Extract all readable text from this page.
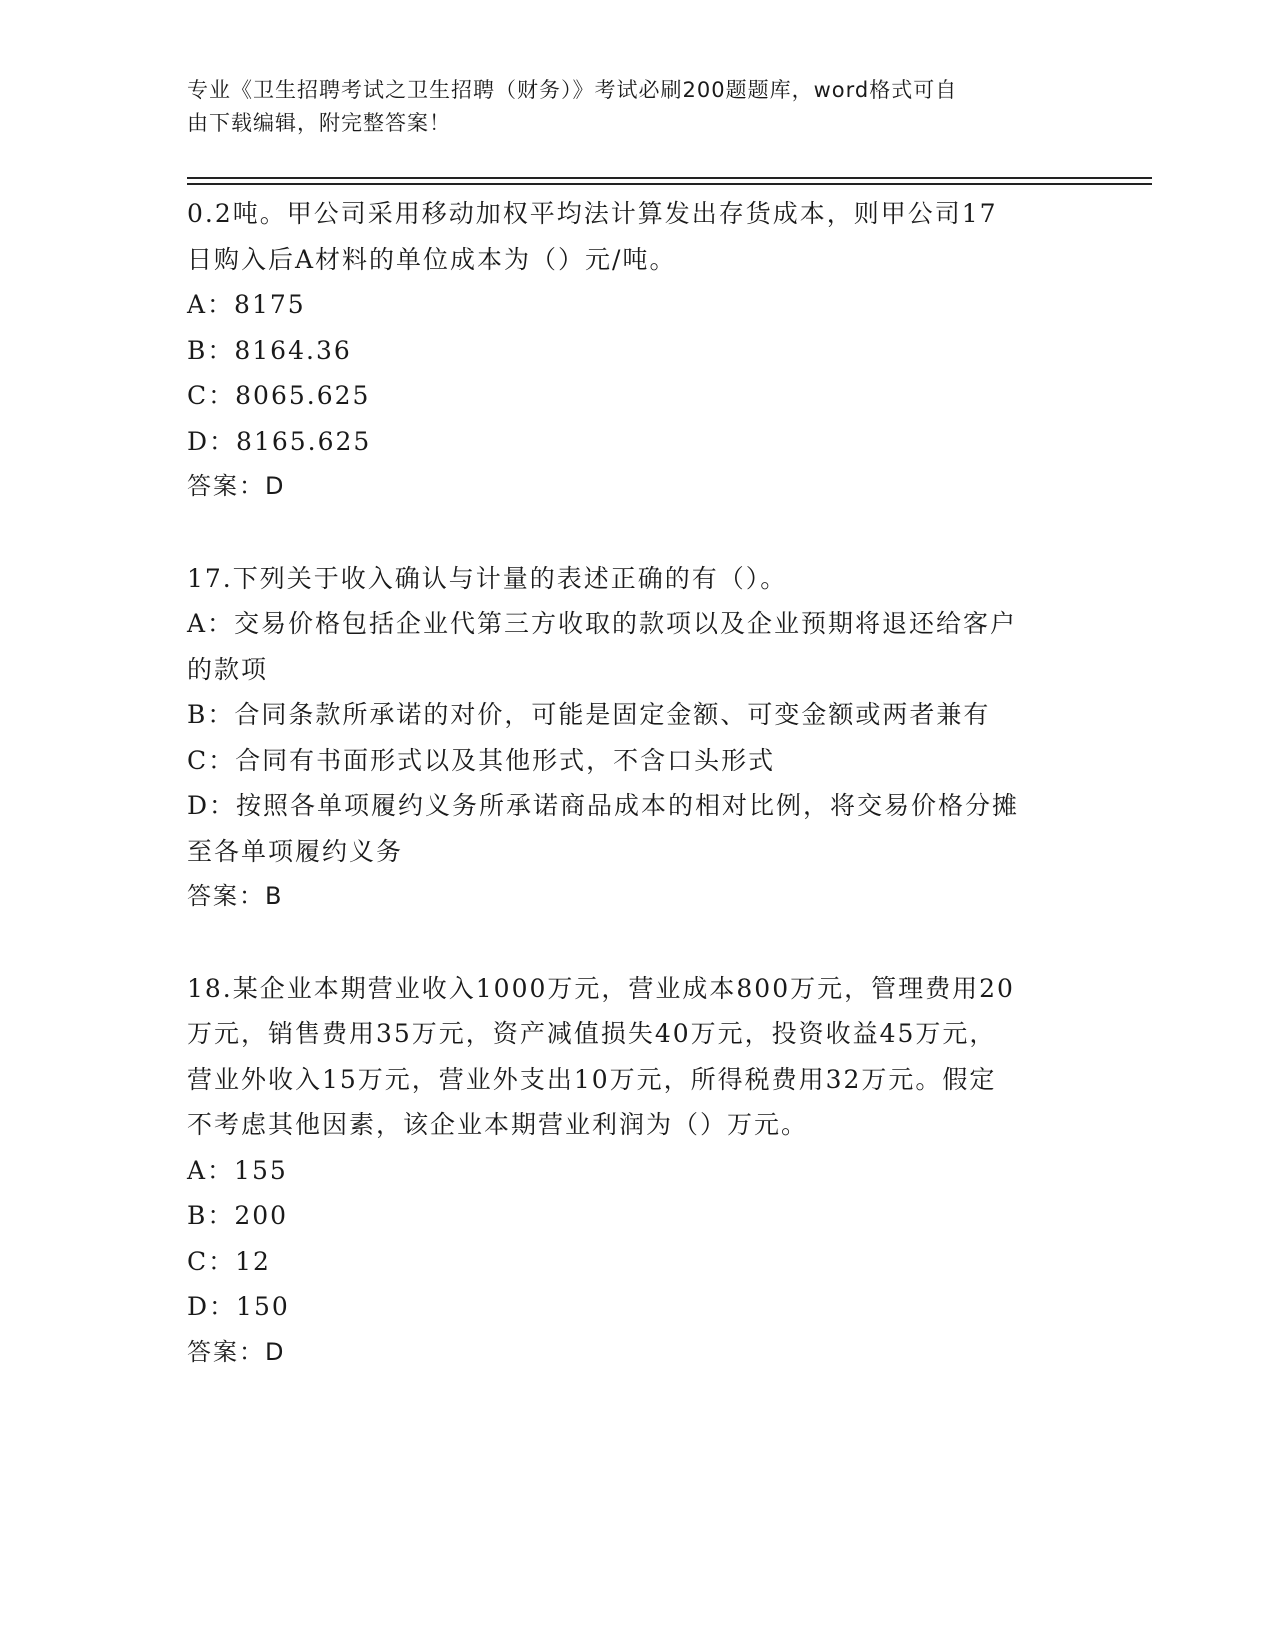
专业《卫生招聘考试之卫生招聘（财务）》考试必刷200题题库，word格式可自
由下载编辑，附完整答案！

0.2吨。甲公司采用移动加权平均法计算发出存货成本，则甲公司17

日购入后A材料的单位成本为（）元/吨。

A：8175

B：8164.36

C：8065.625

D：8165.625

答案：D

17.下列关于收入确认与计量的表述正确的有（）。

A：交易价格包括企业代第三方收取的款项以及企业预期将退还给客户

的款项

B：合同条款所承诺的对价，可能是固定金额、可变金额或两者兼有

C：合同有书面形式以及其他形式，不含口头形式

D：按照各单项履约义务所承诺商品成本的相对比例，将交易价格分摊

至各单项履约义务

答案：B

18.某企业本期营业收入1000万元，营业成本800万元，管理费用20

万元，销售费用35万元，资产减值损失40万元，投资收益45万元，

营业外收入15万元，营业外支出10万元，所得税费用32万元。假定

不考虑其他因素，该企业本期营业利润为（）万元。

A：155

B：200

C：12

D：150

答案：D
